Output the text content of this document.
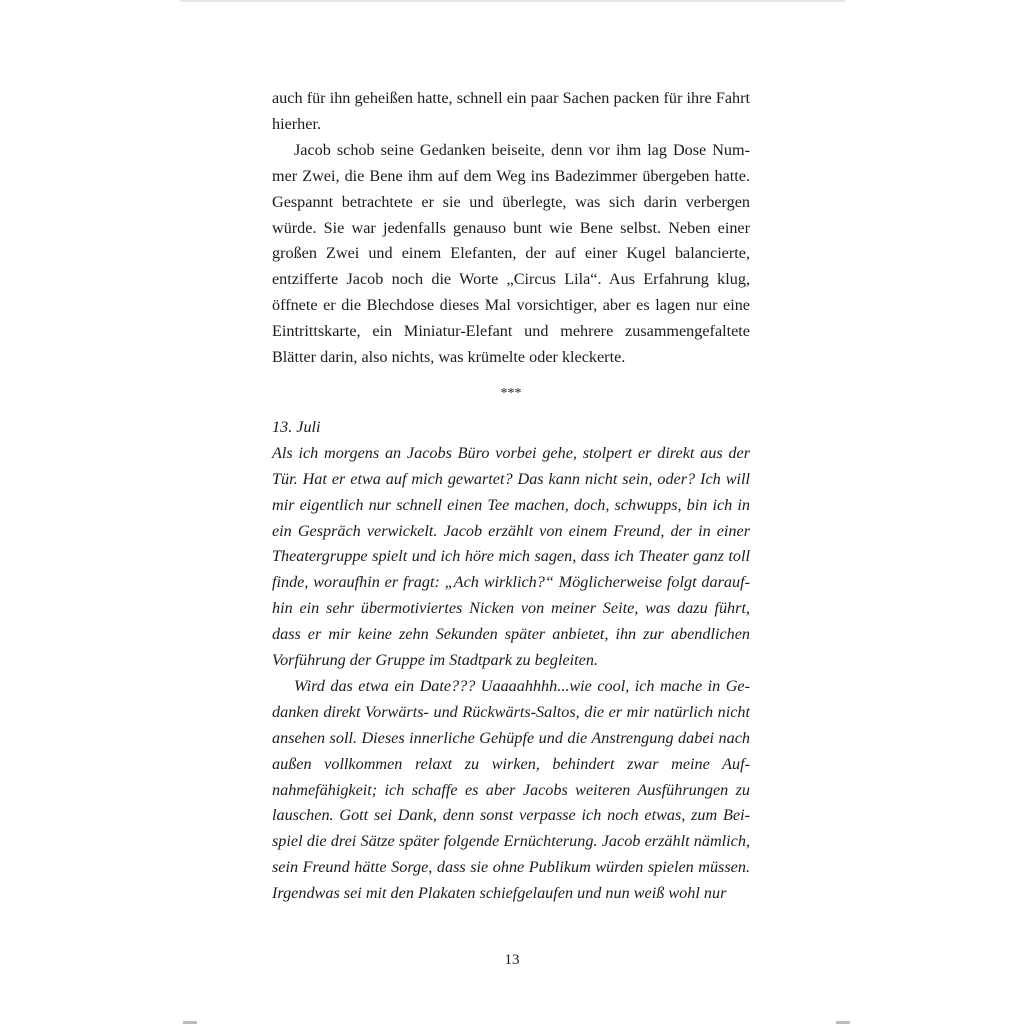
auch für ihn geheißen hatte, schnell ein paar Sachen packen für ihre Fahrt hierher.

Jacob schob seine Gedanken beiseite, denn vor ihm lag Dose Nummer Zwei, die Bene ihm auf dem Weg ins Badezimmer übergeben hatte. Gespannt betrachtete er sie und überlegte, was sich darin verbergen würde. Sie war jedenfalls genauso bunt wie Bene selbst. Neben einer großen Zwei und einem Elefanten, der auf einer Kugel balancierte, entzifferte Jacob noch die Worte „Circus Lila“. Aus Erfahrung klug, öffnete er die Blechdose dieses Mal vorsichtiger, aber es lagen nur eine Eintrittskarte, ein Miniatur-Elefant und mehrere zusammengefaltete Blätter darin, also nichts, was krümelte oder kleckerte.

***

13. Juli

Als ich morgens an Jacobs Büro vorbei gehe, stolpert er direkt aus der Tür. Hat er etwa auf mich gewartet? Das kann nicht sein, oder? Ich will mir eigentlich nur schnell einen Tee machen, doch, schwupps, bin ich in ein Gespräch verwickelt. Jacob erzählt von einem Freund, der in einer Theatergruppe spielt und ich höre mich sagen, dass ich Theater ganz toll finde, woraufhin er fragt: „Ach wirklich?“ Möglicherweise folgt daraufhin ein sehr übermotiviertes Nicken von meiner Seite, was dazu führt, dass er mir keine zehn Sekunden später anbietet, ihn zur abendlichen Vorführung der Gruppe im Stadtpark zu begleiten.

Wird das etwa ein Date??? Uaaaahhhh...wie cool, ich mache in Gedanken direkt Vorwärts- und Rückwärts-Saltos, die er mir natürlich nicht ansehen soll. Dieses innerliche Gehüpfe und die Anstrengung dabei nach außen vollkommen relaxt zu wirken, behindert zwar meine Aufnahmefähigkeit; ich schaffe es aber Jacobs weiteren Ausführungen zu lauschen. Gott sei Dank, denn sonst verpasse ich noch etwas, zum Beispiel die drei Sätze später folgende Ernüchterung. Jacob erzählt nämlich, sein Freund hätte Sorge, dass sie ohne Publikum würden spielen müssen. Irgendwas sei mit den Plakaten schiefgelaufen und nun weiß wohl nur

13
